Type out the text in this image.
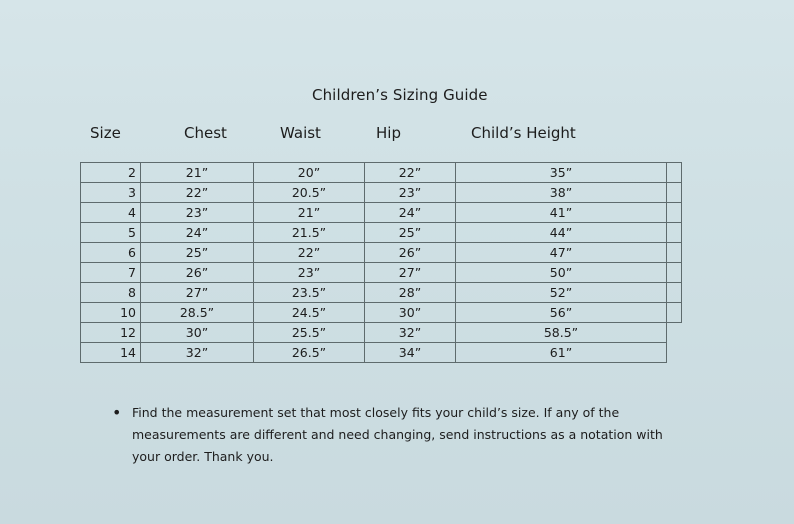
Children’s Sizing Guide
Size	Chest	Waist	Hip	Child’s Height
2	21”	20”	22”	35”	
3	22”	20.5”	23”	38”	
4	23”	21”	24”	41”	
5	24”	21.5”	25”	44”	
6	25”	22”	26”	47”	
7	26”	23”	27”	50”	
8	27”	23.5”	28”	52”	
10	28.5”	24.5”	30”	56”	
12	30”	25.5”	32”	58.5”	
14	32”	26.5”	34”	61”	
• Find the measurement set that most closely fits your child’s size. If any of the
measurements are different and need changing, send instructions as a notation with
your order. Thank you.
